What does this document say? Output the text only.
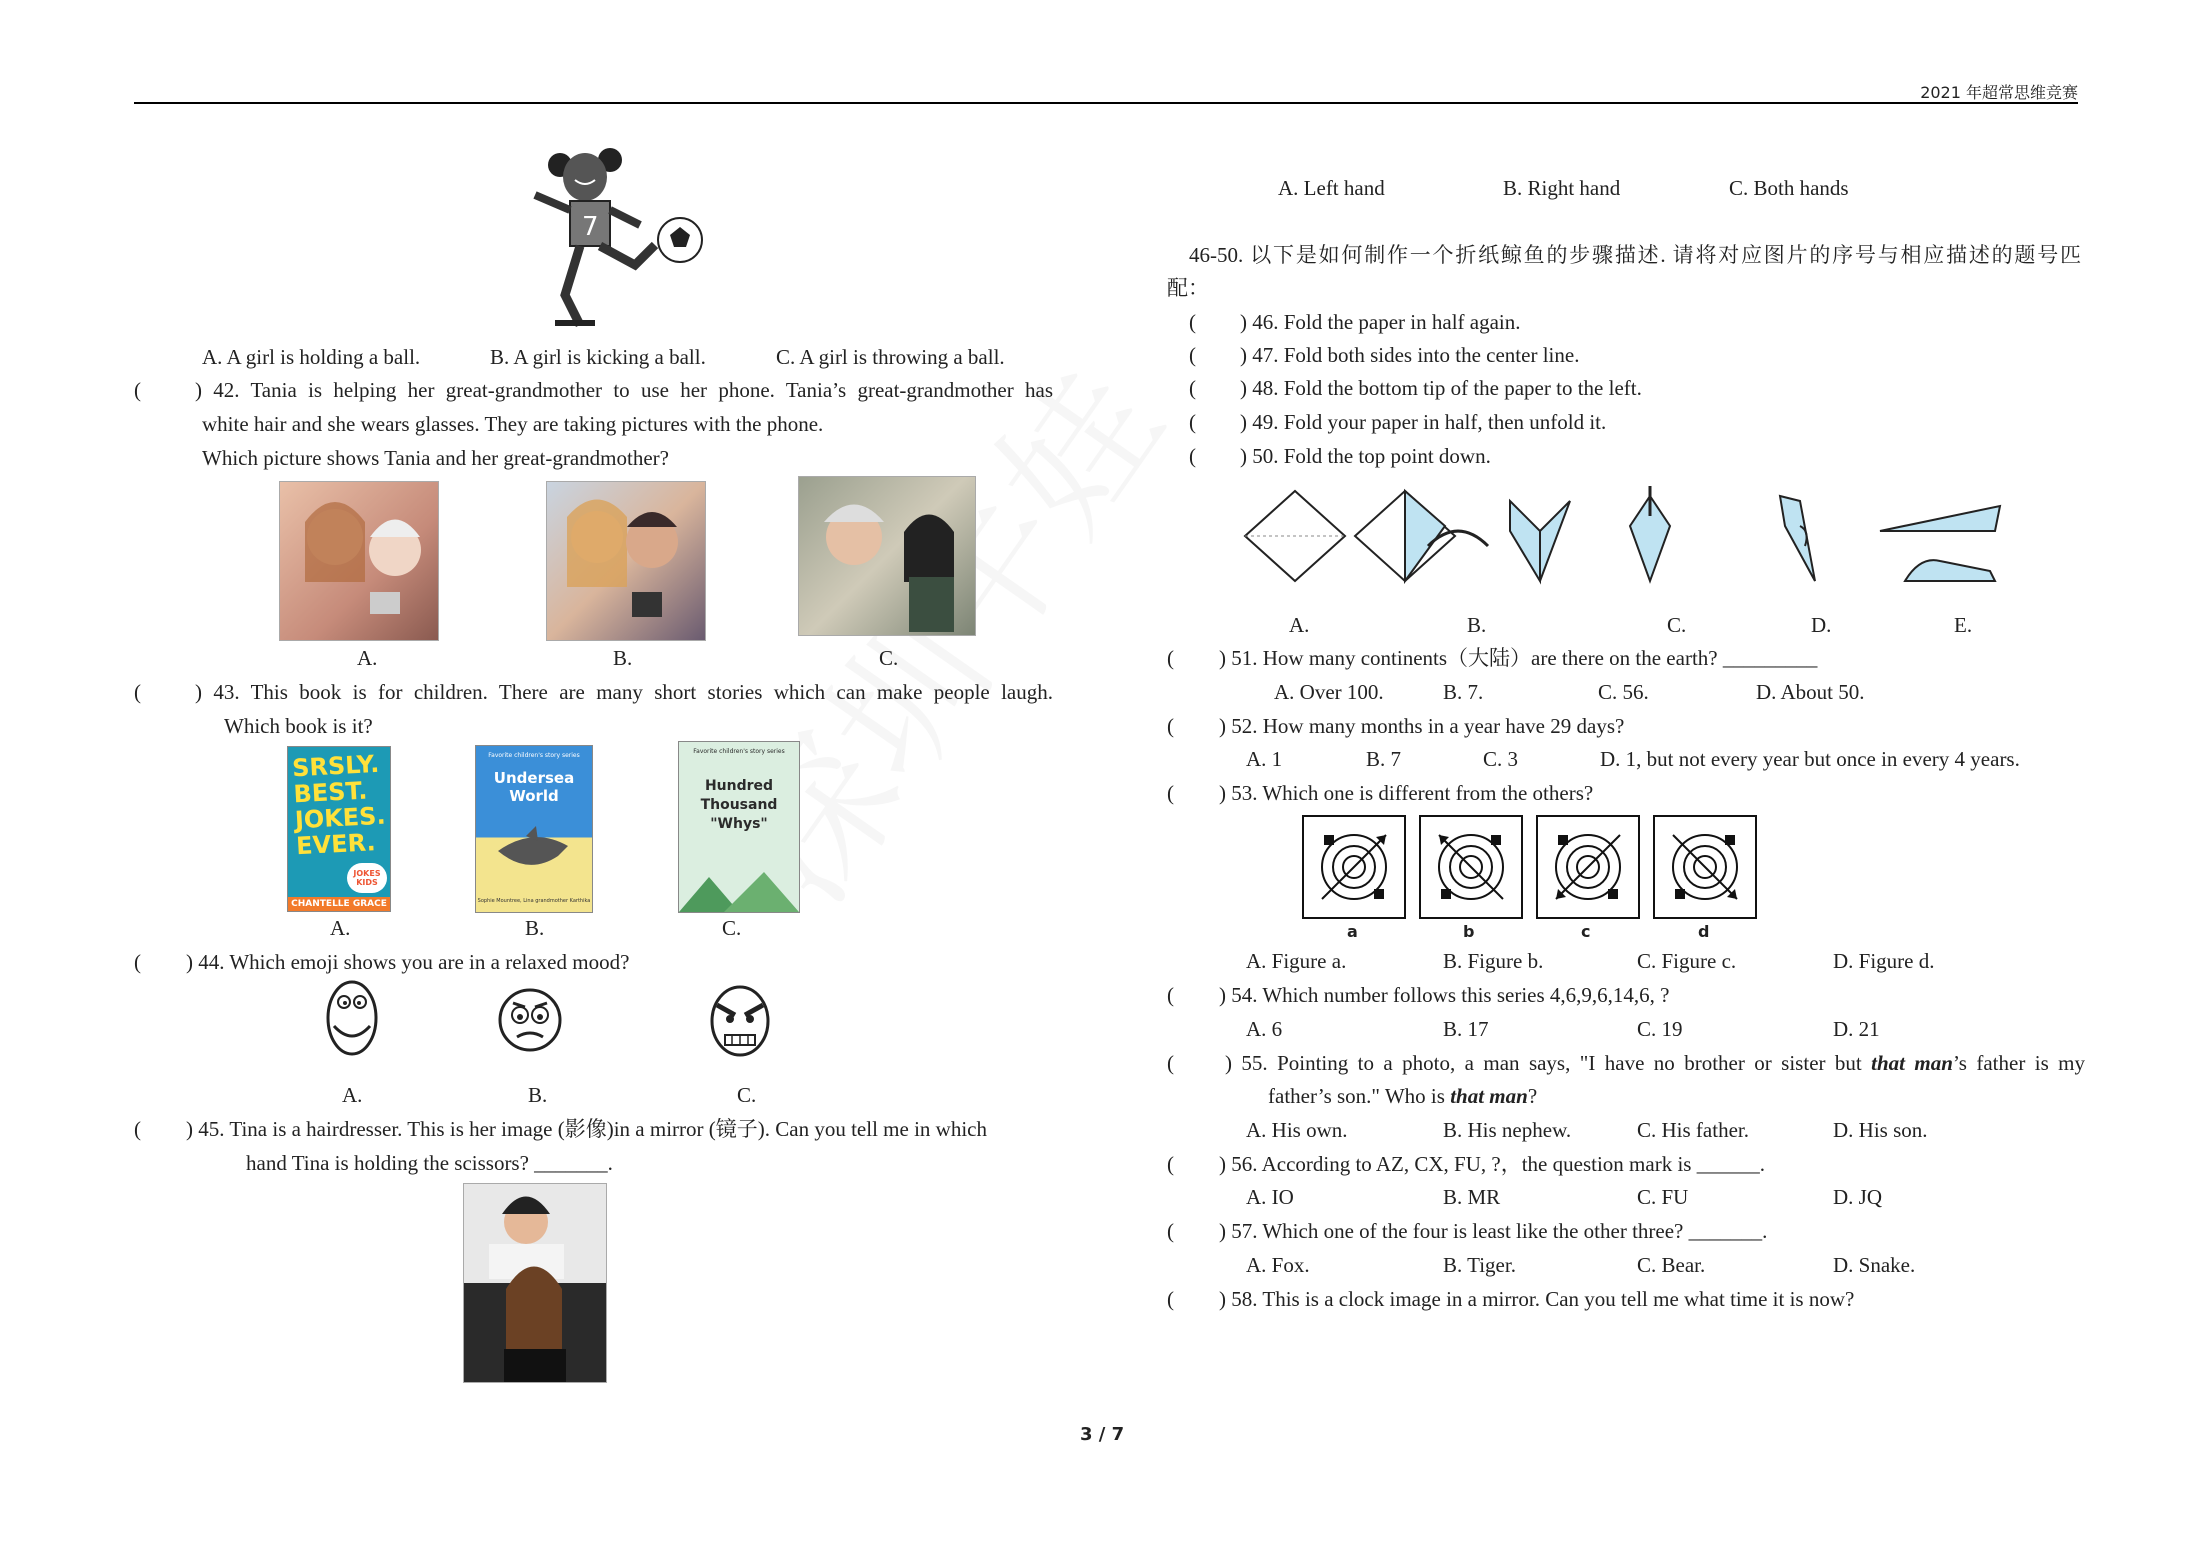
2021 年超常思维竞赛
7
A. A girl is holding a ball.	B. A girl is kicking a ball.	C. A girl is throwing a ball.
(	) 42. Tania is helping her great-grandmother to use her phone. Tania’s great-grandmother has
white hair and she wears glasses. They are taking pictures with the phone.
Which picture shows Tania and her great-grandmother?
A.	B.	C.
(	) 43. This book is for children. There are many short stories which can make people laugh.
Which book is it?
SRSLY.
BEST.
JOKES.
EVER.
JOKES KIDS
CHANTELLE GRACE
Favorite children's story series
Undersea
World
Sophie Mountree, Lina grandmother Karthika
Favorite children's story series
Hundred
Thousand
"Whys"
A.	B.	C.
( ) 44. Which emoji shows you are in a relaxed mood?
A.	B.	C.
( ) 45. Tina is a hairdresser. This is her image (影像)in a mirror (镜子). Can you tell me in which
hand Tina is holding the scissors? _______.
A. Left hand	B. Right hand	C. Both hands
46-50. 以下是如何制作一个折纸鲸鱼的步骤描述. 请将对应图片的序号与相应描述的题号匹
配：
( ) 46. Fold the paper in half again.
( ) 47. Fold both sides into the center line.
( ) 48. Fold the bottom tip of the paper to the left.
( ) 49. Fold your paper in half, then unfold it.
( ) 50. Fold the top point down.
A.	B.	C.	D.	E.
( ) 51. How many continents（大陆）are there on the earth? _________
A. Over 100.	B. 7.	C. 56.	D. About 50.
( ) 52. How many months in a year have 29 days?
A. 1	B. 7	C. 3	D. 1, but not every year but once in every 4 years.
( ) 53. Which one is different from the others?
a	b	c	d
A. Figure a.	B. Figure b.	C. Figure c.	D. Figure d.
( ) 54. Which number follows this series 4,6,9,6,14,6, ?
A. 6	B. 17	C. 19	D. 21
( ) 55. Pointing to a photo, a man says, "I have no brother or sister but that man’s father is my
father’s son." Who is that man?
A. His own.	B. His nephew.	C. His father.	D. His son.
( ) 56. According to AZ, CX, FU, ?，the question mark is ______.
A. IO	B. MR	C. FU	D. JQ
( ) 57. Which one of the four is least like the other three? _______.
A. Fox.	B. Tiger.	C. Bear.	D. Snake.
( ) 58. This is a clock image in a mirror. Can you tell me what time it is now?
3 / 7
